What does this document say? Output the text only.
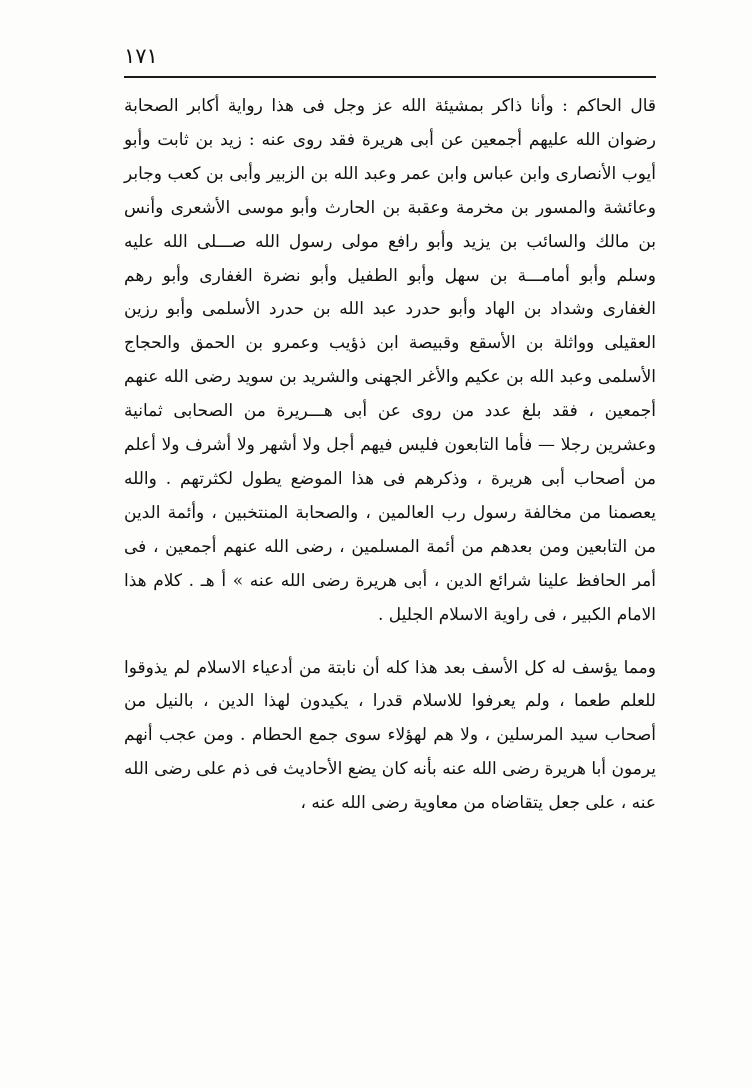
١٧١

قال الحاكم : وأنا ذاكر بمشيئة الله عز وجل فى هذا رواية أكابر الصحابة رضوان الله عليهم أجمعين عن أبى هريرة فقد روى عنه : زيد بن ثابت وأبو أيوب الأنصارى وابن عباس وابن عمر وعبد الله بن الزبير وأبى بن كعب وجابر وعائشة والمسور بن مخرمة وعقبة بن الحارث وأبو موسى الأشعرى وأنس بن مالك والسائب بن يزيد وأبو رافع مولى رسول الله صـــلى الله عليه وسلم وأبو أمامـــة بن سهل وأبو الطفيل وأبو نضرة الغفارى وأبو رهم الغفارى وشداد بن الهاد وأبو حدرد عبد الله بن حدرد الأسلمى وأبو رزين العقيلى وواثلة بن الأسقع وقبيصة ابن ذؤيب وعمرو بن الحمق والحجاج الأسلمى وعبد الله بن عكيم والأغر الجهنى والشريد بن سويد رضى الله عنهم أجمعين ، فقد بلغ عدد من روى عن أبى هـــريرة من الصحابى ثمانية وعشرين رجلا — فأما التابعون فليس فيهم أجل ولا أشهر ولا أشرف ولا أعلم من أصحاب أبى هريرة ، وذكرهم فى هذا الموضع يطول لكثرتهم . والله يعصمنا من مخالفة رسول رب العالمين ، والصحابة المنتخبين ، وأئمة الدين من التابعين ومن بعدهم من أئمة المسلمين ، رضى الله عنهم أجمعين ، فى أمر الحافظ علينا شرائع الدين ، أبى هريرة رضى الله عنه » أ هـ . كلام هذا الامام الكبير ، فى راوية الاسلام الجليل .

ومما يؤسف له كل الأسف بعد هذا كله أن نابتة من أدعياء الاسلام لم يذوقوا للعلم طعما ، ولم يعرفوا للاسلام قدرا ، يكيدون لهذا الدين ، بالنيل من أصحاب سيد المرسلين ، ولا هم لهؤلاء سوى جمع الحطام . ومن عجب أنهم يرمون أبا هريرة رضى الله عنه بأنه كان يضع الأحاديث فى ذم على رضى الله عنه ، على جعل يتقاضاه من معاوية رضى الله عنه ،
